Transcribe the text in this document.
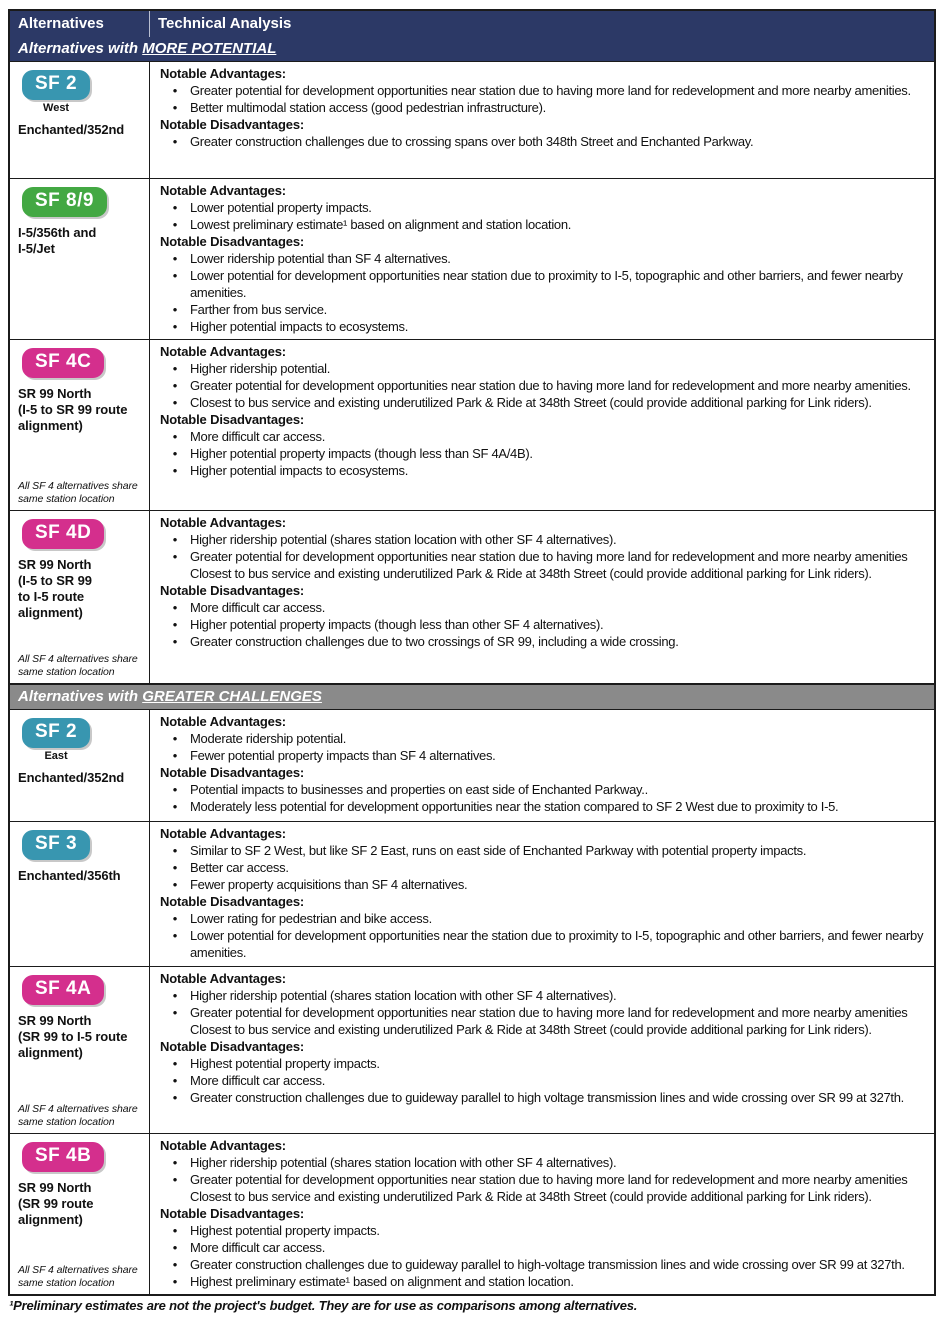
Alternatives	Technical Analysis
Alternatives with MORE POTENTIAL
SF 2
West
Enchanted/352nd
Notable Advantages:
• Greater potential for development opportunities near station due to having more land for redevelopment and more nearby amenities.
• Better multimodal station access (good pedestrian infrastructure).
Notable Disadvantages:
• Greater construction challenges due to crossing spans over both 348th Street and Enchanted Parkway.
SF 8/9
I-5/356th and
I-5/Jet
Notable Advantages:
• Lower potential property impacts.
• Lowest preliminary estimate¹ based on alignment and station location.
Notable Disadvantages:
• Lower ridership potential than SF 4 alternatives.
• Lower potential for development opportunities near station due to proximity to I-5, topographic and other barriers, and fewer nearby amenities.
• Farther from bus service.
• Higher potential impacts to ecosystems.
SF 4C
SR 99 North
(I-5 to SR 99 route
alignment)
All SF 4 alternatives share same station location
Notable Advantages:
• Higher ridership potential.
• Greater potential for development opportunities near station due to having more land for redevelopment and more nearby amenities.
• Closest to bus service and existing underutilized Park & Ride at 348th Street (could provide additional parking for Link riders).
Notable Disadvantages:
• More difficult car access.
• Higher potential property impacts (though less than SF 4A/4B).
• Higher potential impacts to ecosystems.
SF 4D
SR 99 North
(I-5 to SR 99
to I-5 route
alignment)
All SF 4 alternatives share same station location
Notable Advantages:
• Higher ridership potential (shares station location with other SF 4 alternatives).
• Greater potential for development opportunities near station due to having more land for redevelopment and more nearby amenities Closest to bus service and existing underutilized Park & Ride at 348th Street (could provide additional parking for Link riders).
Notable Disadvantages:
• More difficult car access.
• Higher potential property impacts (though less than other SF 4 alternatives).
• Greater construction challenges due to two crossings of SR 99, including a wide crossing.
Alternatives with GREATER CHALLENGES
SF 2
East
Enchanted/352nd
Notable Advantages:
• Moderate ridership potential.
• Fewer potential property impacts than SF 4 alternatives.
Notable Disadvantages:
• Potential impacts to businesses and properties on east side of Enchanted Parkway..
• Moderately less potential for development opportunities near the station compared to SF 2 West due to proximity to I-5.
SF 3
Enchanted/356th
Notable Advantages:
• Similar to SF 2 West, but like SF 2 East, runs on east side of Enchanted Parkway with potential property impacts.
• Better car access.
• Fewer property acquisitions than SF 4 alternatives.
Notable Disadvantages:
• Lower rating for pedestrian and bike access.
• Lower potential for development opportunities near the station due to proximity to I-5, topographic and other barriers, and fewer nearby amenities.
SF 4A
SR 99 North
(SR 99 to I-5 route
alignment)
All SF 4 alternatives share same station location
Notable Advantages:
• Higher ridership potential (shares station location with other SF 4 alternatives).
• Greater potential for development opportunities near station due to having more land for redevelopment and more nearby amenities Closest to bus service and existing underutilized Park & Ride at 348th Street (could provide additional parking for Link riders).
Notable Disadvantages:
• Highest potential property impacts.
• More difficult car access.
• Greater construction challenges due to guideway parallel to high voltage transmission lines and wide crossing over SR 99 at 327th.
SF 4B
SR 99 North
(SR 99 route
alignment)
All SF 4 alternatives share same station location
Notable Advantages:
• Higher ridership potential (shares station location with other SF 4 alternatives).
• Greater potential for development opportunities near station due to having more land for redevelopment and more nearby amenities Closest to bus service and existing underutilized Park & Ride at 348th Street (could provide additional parking for Link riders).
Notable Disadvantages:
• Highest potential property impacts.
• More difficult car access.
• Greater construction challenges due to guideway parallel to high-voltage transmission lines and wide crossing over SR 99 at 327th.
• Highest preliminary estimate¹ based on alignment and station location.
¹Preliminary estimates are not the project's budget. They are for use as comparisons among alternatives.
